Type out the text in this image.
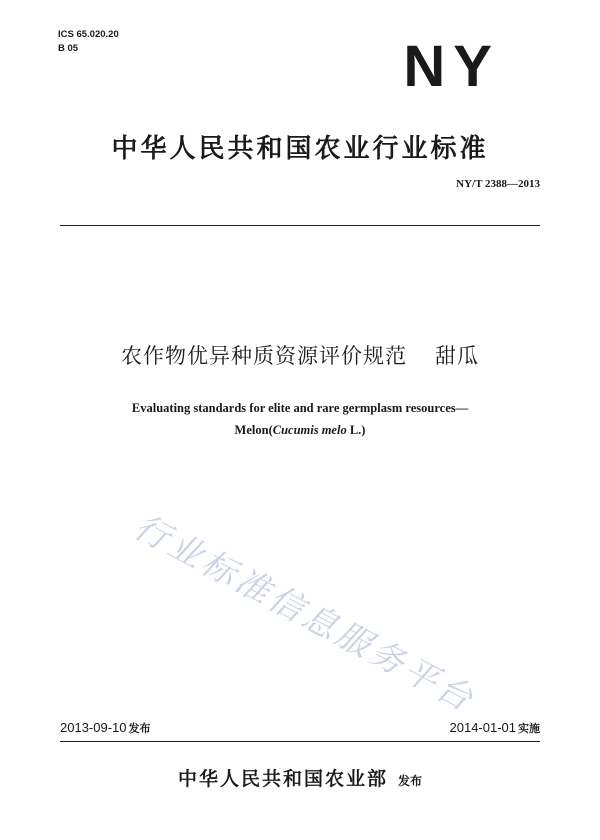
ICS 65.020.20
B 05	NY
中华人民共和国农业行业标准
NY/T 2388—2013
农作物优异种质资源评价规范 甜瓜
Evaluating standards for elite and rare germplasm resources—
Melon(Cucumis melo L.)
行业标准信息服务平台
2013-09-10 发布	2014-01-01 实施
中华人民共和国农业部 发布
